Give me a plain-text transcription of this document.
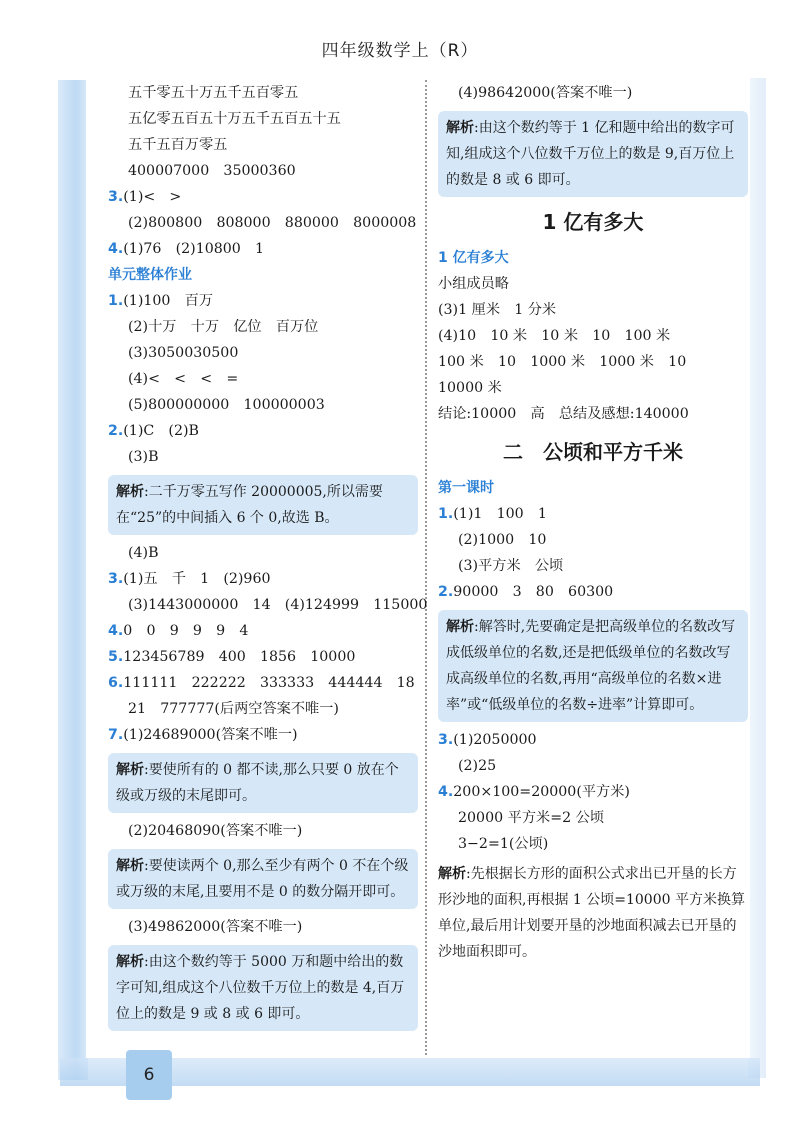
四年级数学上（R）
6
五千零五十万五千五百零五
五亿零五百五十万五千五百五十五
五千五百万零五
400007000　35000360
3.(1)<　>
(2)800800　808000　880000　8000008
4.(1)76　(2)10800　1
单元整体作业
1.(1)100　百万
(2)十万　十万　亿位　百万位
(3)3050030500
(4)<　<　<　=
(5)800000000　100000003
2.(1)C　(2)B
(3)B
解析:二千万零五写作 20000005,所以需要在“25”的中间插入 6 个 0,故选 B。
(4)B
3.(1)五　千　1　(2)960
(3)1443000000　14　(4)124999　115000
4.0　0　9　9　9　4
5.123456789　400　1856　10000
6.111111　222222　333333　444444　18
21　777777(后两空答案不唯一)
7.(1)24689000(答案不唯一)
解析:要使所有的 0 都不读,那么只要 0 放在个级或万级的末尾即可。
(2)20468090(答案不唯一)
解析:要使读两个 0,那么至少有两个 0 不在个级或万级的末尾,且要用不是 0 的数分隔开即可。
(3)49862000(答案不唯一)
解析:由这个数约等于 5000 万和题中给出的数字可知,组成这个八位数千万位上的数是 4,百万位上的数是 9 或 8 或 6 即可。
(4)98642000(答案不唯一)
解析:由这个数约等于 1 亿和题中给出的数字可知,组成这个八位数千万位上的数是 9,百万位上的数是 8 或 6 即可。
1 亿有多大
1 亿有多大
小组成员略
(3)1 厘米　1 分米
(4)10　10 米　10 米　10　100 米
100 米　10　1000 米　1000 米　10
10000 米
结论:10000　高　总结及感想:140000
二　公顷和平方千米
第一课时
1.(1)1　100　1
(2)1000　10
(3)平方米　公顷
2.90000　3　80　60300
解析:解答时,先要确定是把高级单位的名数改写成低级单位的名数,还是把低级单位的名数改写成高级单位的名数,再用“高级单位的名数×进率”或“低级单位的名数÷进率”计算即可。
3.(1)2050000
(2)25
4.200×100=20000(平方米)
20000 平方米=2 公顷
3−2=1(公顷)
解析:先根据长方形的面积公式求出已开垦的长方形沙地的面积,再根据 1 公顷=10000 平方米换算单位,最后用计划要开垦的沙地面积减去已开垦的沙地面积即可。
